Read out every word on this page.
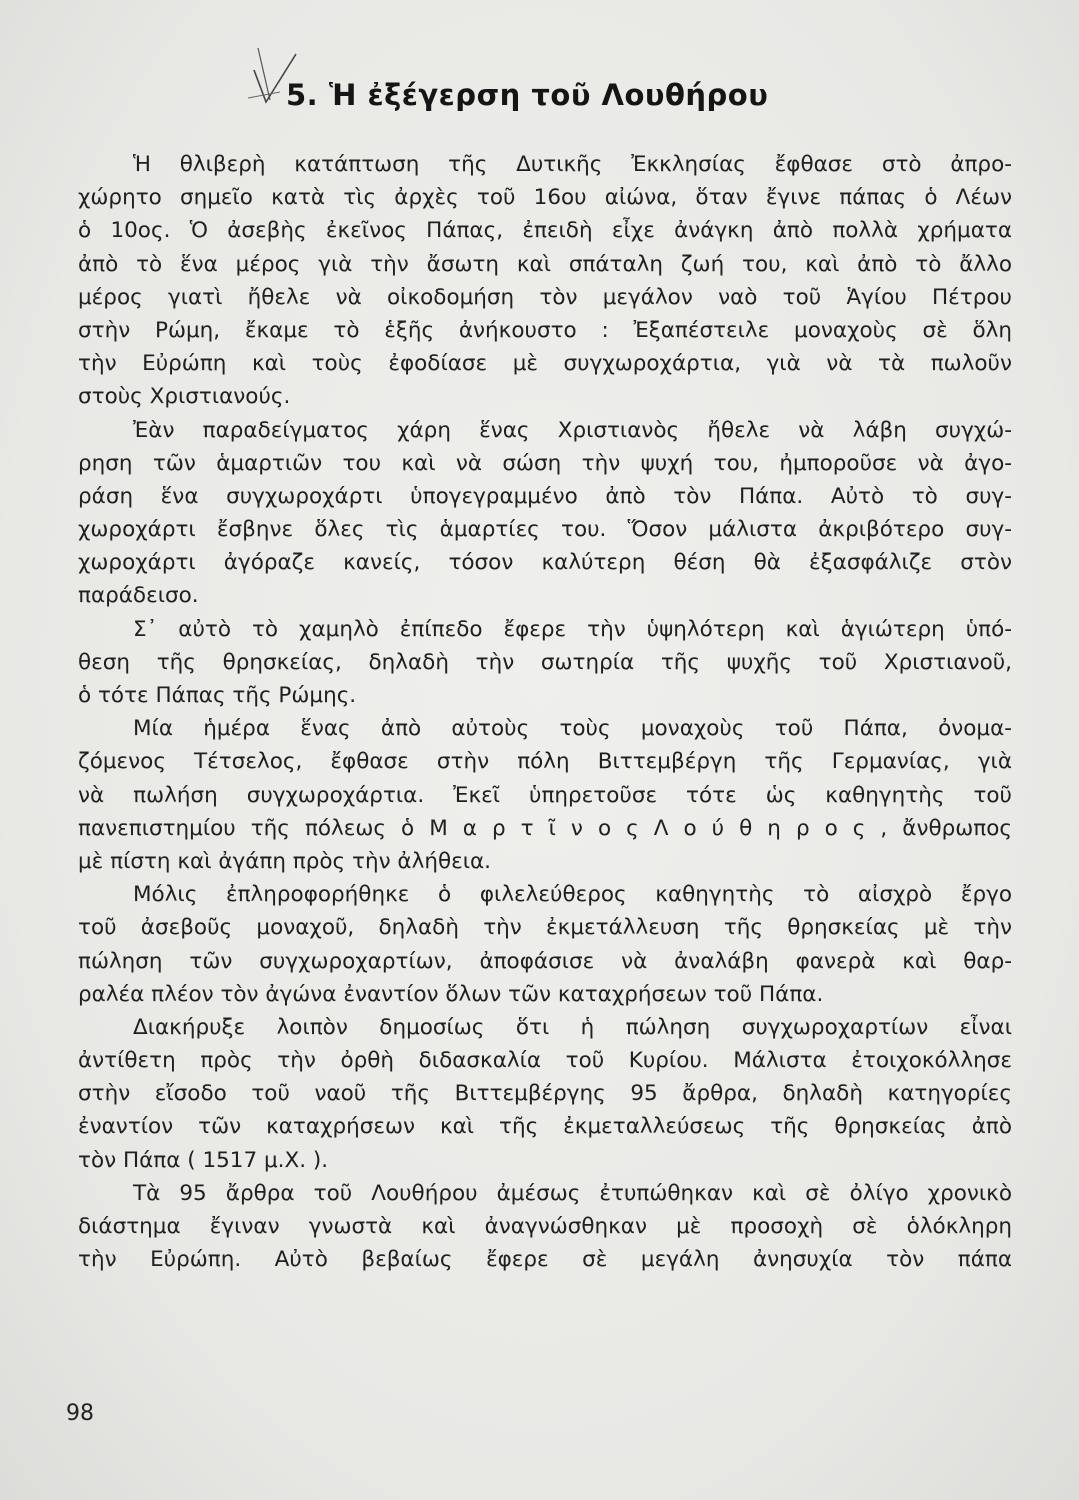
5. Ἡ ἐξέγερση τοῦ Λουθήρου
Ἡ θλιβερὴ κατάπτωση τῆς Δυτικῆς Ἐκκλησίας ἔφθασε στὸ ἀπρο-
χώρητο σημεῖο κατὰ τὶς ἀρχὲς τοῦ 16ου αἰώνα, ὅταν ἔγινε πάπας ὁ Λέων
ὁ 10ος. Ὁ ἀσεβὴς ἐκεῖνος Πάπας, ἐπειδὴ εἶχε ἀνάγκη ἀπὸ πολλὰ χρήματα
ἀπὸ τὸ ἕνα μέρος γιὰ τὴν ἄσωτη καὶ σπάταλη ζωή του, καὶ ἀπὸ τὸ ἄλλο
μέρος γιατὶ ἤθελε νὰ οἰκοδομήση τὸν μεγάλον ναὸ τοῦ Ἁγίου Πέτρου
στὴν Ρώμη, ἔκαμε τὸ ἑξῆς ἀνήκουστο : Ἐξαπέστειλε μοναχοὺς σὲ ὅλη
τὴν Εὐρώπη καὶ τοὺς ἐφοδίασε μὲ συγχωροχάρτια, γιὰ νὰ τὰ πωλοῦν
στοὺς Χριστιανούς.
Ἐὰν παραδείγματος χάρη ἕνας Χριστιανὸς ἤθελε νὰ λάβη συγχώ-
ρηση τῶν ἁμαρτιῶν του καὶ νὰ σώση τὴν ψυχή του, ἠμποροῦσε νὰ ἀγο-
ράση ἕνα συγχωροχάρτι ὑπογεγραμμένο ἀπὸ τὸν Πάπα. Αὐτὸ τὸ συγ-
χωροχάρτι ἔσβηνε ὅλες τὶς ἁμαρτίες του. Ὅσον μάλιστα ἀκριβότερο συγ-
χωροχάρτι ἀγόραζε κανείς, τόσον καλύτερη θέση θὰ ἐξασφάλιζε στὸν
παράδεισο.
Σ᾽ αὐτὸ τὸ χαμηλὸ ἐπίπεδο ἔφερε τὴν ὑψηλότερη καὶ ἁγιώτερη ὑπό-
θεση τῆς θρησκείας, δηλαδὴ τὴν σωτηρία τῆς ψυχῆς τοῦ Χριστιανοῦ,
ὁ τότε Πάπας τῆς Ρώμης.
Μία ἡμέρα ἕνας ἀπὸ αὐτοὺς τοὺς μοναχοὺς τοῦ Πάπα, ὀνομα-
ζόμενος Τέτσελος, ἔφθασε στὴν πόλη Βιττεμβέργη τῆς Γερμανίας, γιὰ
νὰ πωλήση συγχωροχάρτια. Ἐκεῖ ὑπηρετοῦσε τότε ὡς καθηγητὴς τοῦ
πανεπιστημίου τῆς πόλεως ὁ Μ α ρ τ ῖ ν ο ς Λ ο ύ θ η ρ ο ς , ἄνθρωπος
μὲ πίστη καὶ ἀγάπη πρὸς τὴν ἀλήθεια.
Μόλις ἐπληροφορήθηκε ὁ φιλελεύθερος καθηγητὴς τὸ αἰσχρὸ ἔργο
τοῦ ἀσεβοῦς μοναχοῦ, δηλαδὴ τὴν ἐκμετάλλευση τῆς θρησκείας μὲ τὴν
πώληση τῶν συγχωροχαρτίων, ἀποφάσισε νὰ ἀναλάβη φανερὰ καὶ θαρ-
ραλέα πλέον τὸν ἀγώνα ἐναντίον ὅλων τῶν καταχρήσεων τοῦ Πάπα.
Διακήρυξε λοιπὸν δημοσίως ὅτι ἡ πώληση συγχωροχαρτίων εἶναι
ἀντίθετη πρὸς τὴν ὀρθὴ διδασκαλία τοῦ Κυρίου. Μάλιστα ἐτοιχοκόλλησε
στὴν εἴσοδο τοῦ ναοῦ τῆς Βιττεμβέργης 95 ἄρθρα, δηλαδὴ κατηγορίες
ἐναντίον τῶν καταχρήσεων καὶ τῆς ἐκμεταλλεύσεως τῆς θρησκείας ἀπὸ
τὸν Πάπα ( 1517 μ.Χ. ).
Τὰ 95 ἄρθρα τοῦ Λουθήρου ἀμέσως ἐτυπώθηκαν καὶ σὲ ὀλίγο χρονικὸ
διάστημα ἔγιναν γνωστὰ καὶ ἀναγνώσθηκαν μὲ προσοχὴ σὲ ὁλόκληρη
τὴν Εὐρώπη. Αὐτὸ βεβαίως ἔφερε σὲ μεγάλη ἀνησυχία τὸν πάπα
98
